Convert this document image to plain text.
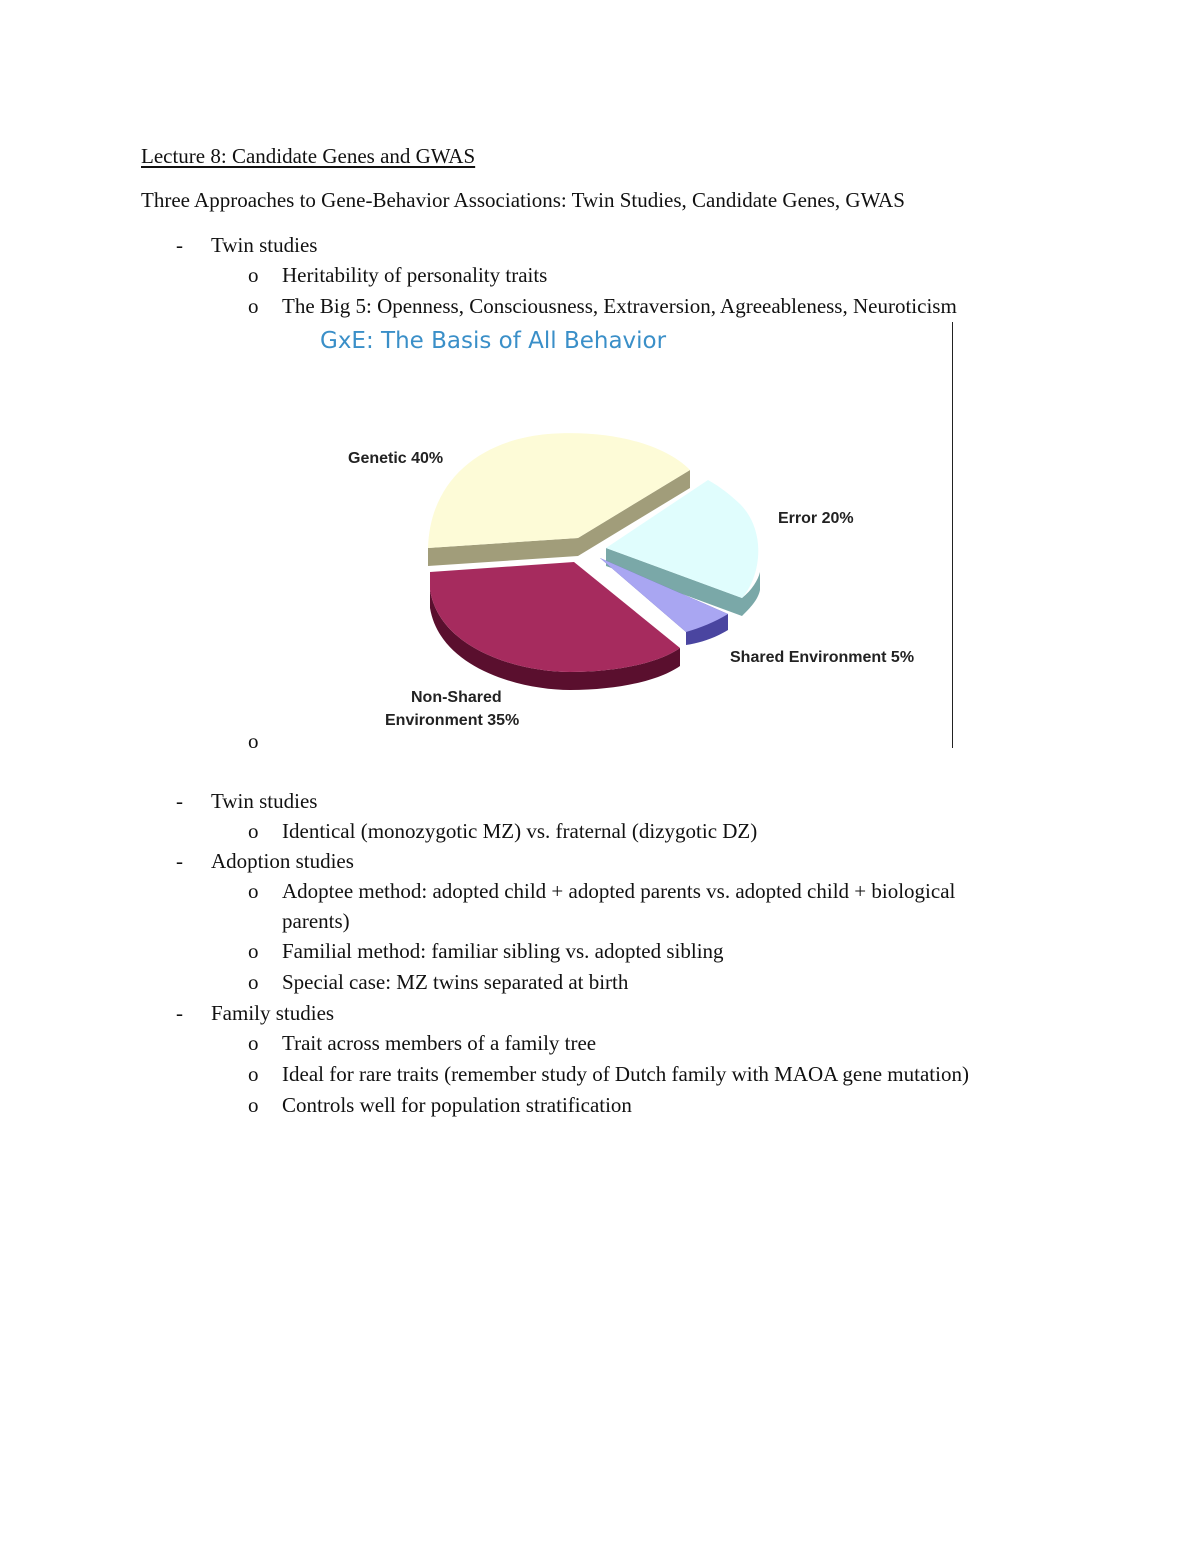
Lecture 8: Candidate Genes and GWAS
Three Approaches to Gene-Behavior Associations: Twin Studies, Candidate Genes, GWAS
- Twin studies
o Heritability of personality traits
o The Big 5: Openness, Consciousness, Extraversion, Agreeableness, Neuroticism
GxE: The Basis of All Behavior
Genetic 40%
Error 20%
Shared Environment 5%
Non-Shared
Environment 35%
o
- Twin studies
o Identical (monozygotic MZ) vs. fraternal (dizygotic DZ)
- Adoption studies
o Adoptee method: adopted child + adopted parents vs. adopted child + biological
parents)
o Familial method: familiar sibling vs. adopted sibling
o Special case: MZ twins separated at birth
- Family studies
o Trait across members of a family tree
o Ideal for rare traits (remember study of Dutch family with MAOA gene mutation)
o Controls well for population stratification
